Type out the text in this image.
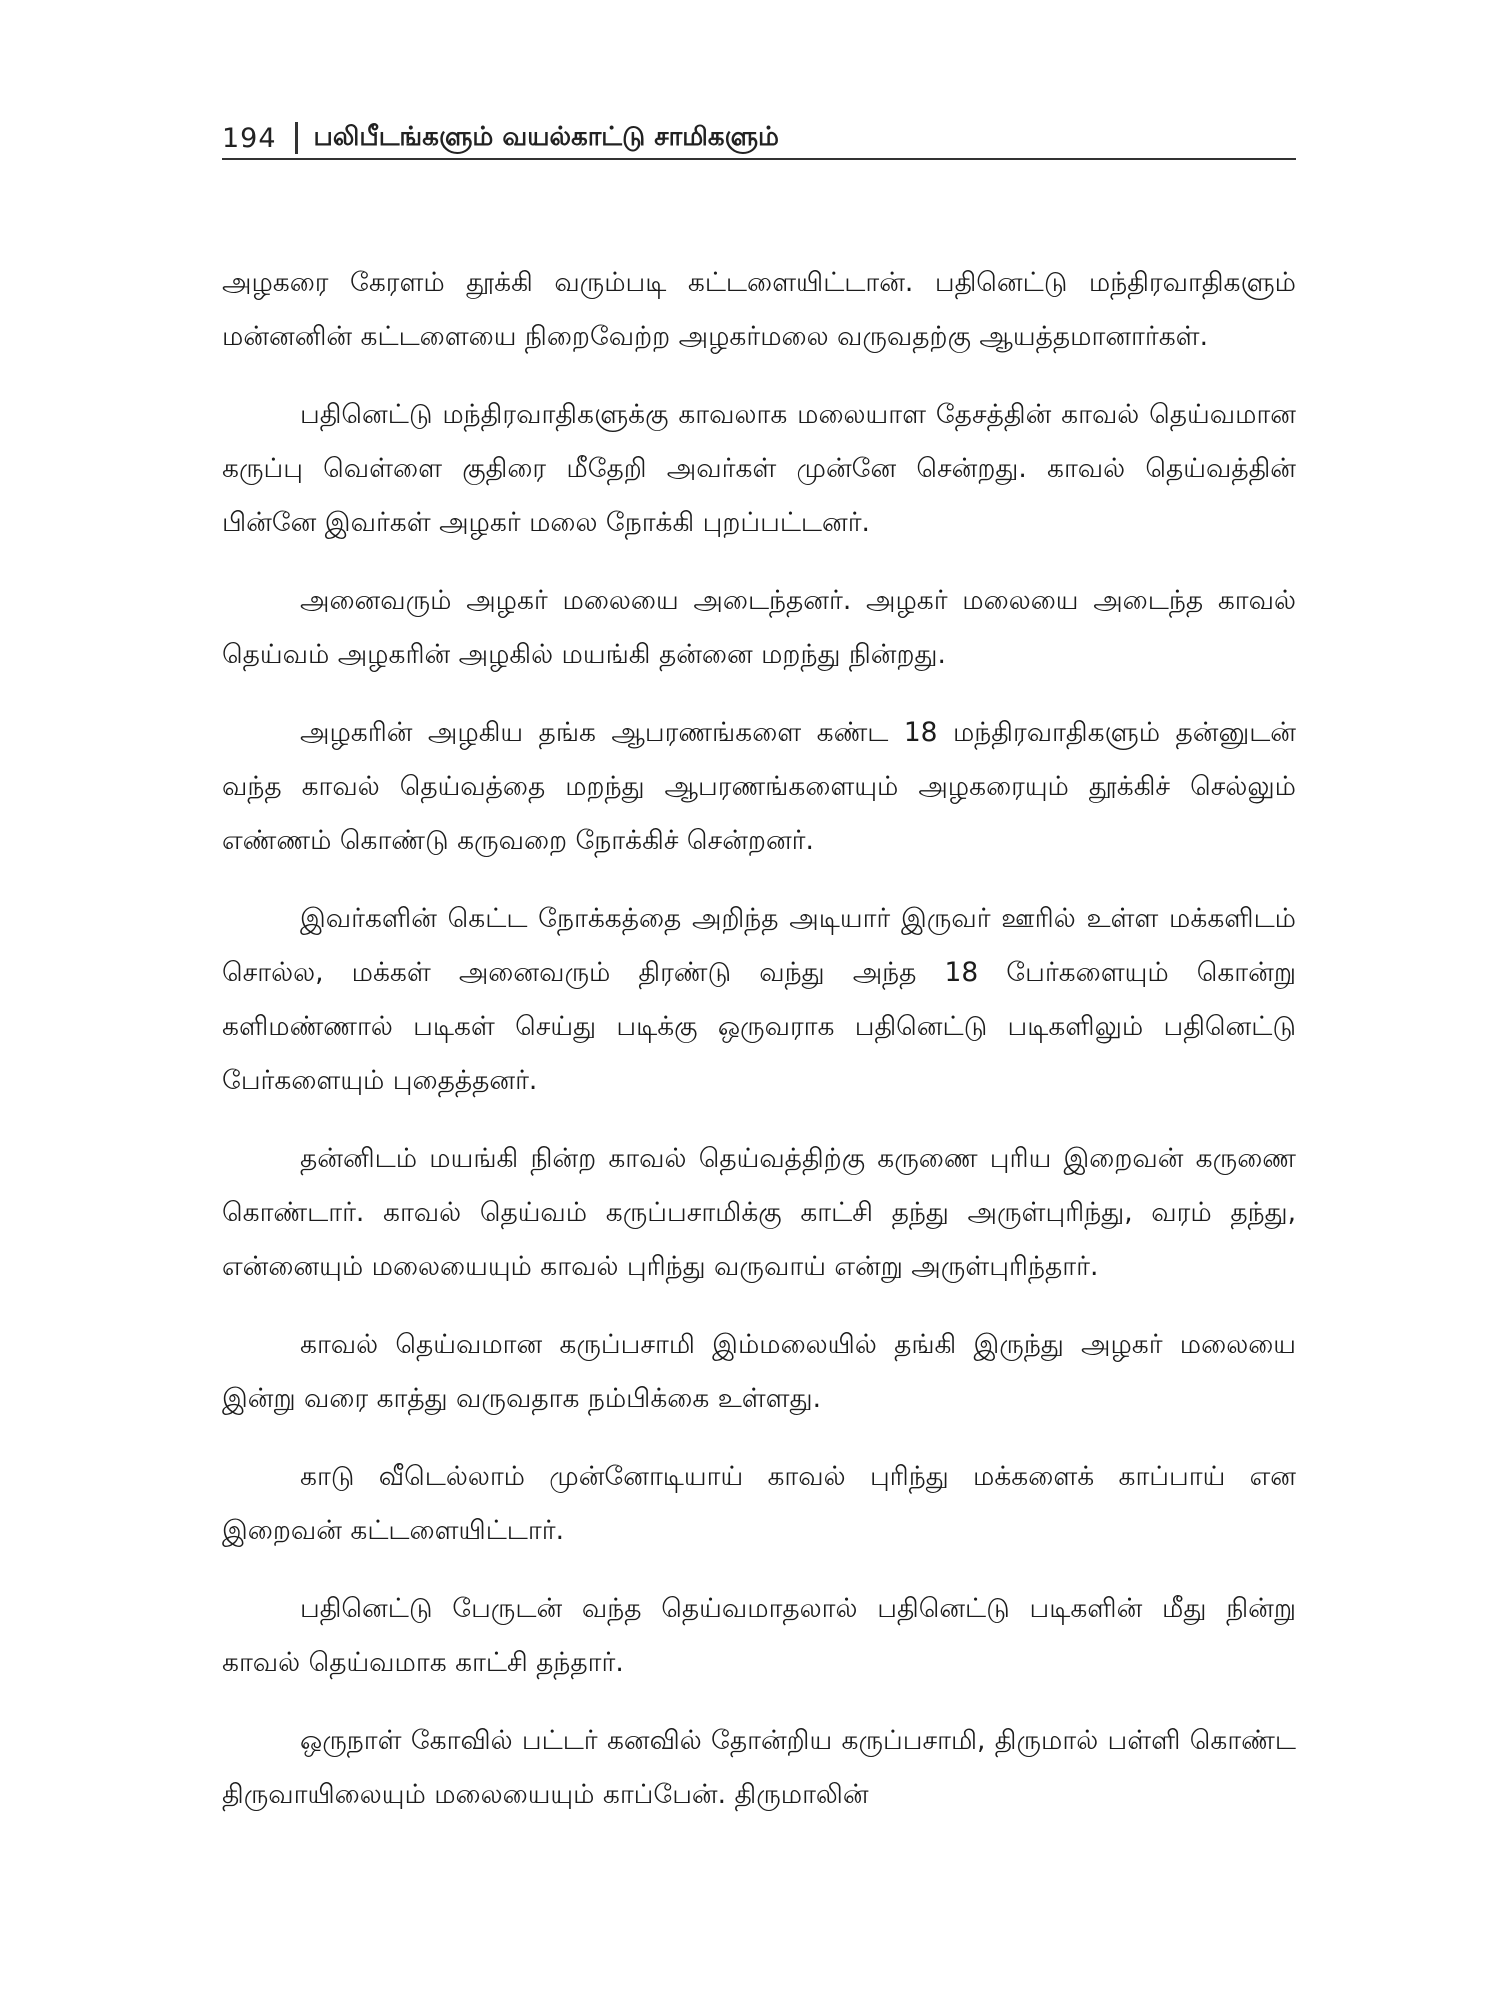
194 பலிபீடங்களும் வயல்காட்டு சாமிகளும்

அழகரை கேரளம் தூக்கி வரும்படி கட்டளையிட்டான். பதினெட்டு மந்திரவாதிகளும் மன்னனின் கட்டளையை நிறைவேற்ற அழகர்மலை வருவதற்கு ஆயத்தமானார்கள்.

பதினெட்டு மந்திரவாதிகளுக்கு காவலாக மலையாள தேசத்தின் காவல் தெய்வமான கருப்பு வெள்ளை குதிரை மீதேறி அவர்கள் முன்னே சென்றது. காவல் தெய்வத்தின் பின்னே இவர்கள் அழகர் மலை நோக்கி புறப்பட்டனர்.

அனைவரும் அழகர் மலையை அடைந்தனர். அழகர் மலையை அடைந்த காவல் தெய்வம் அழகரின் அழகில் மயங்கி தன்னை மறந்து நின்றது.

அழகரின் அழகிய தங்க ஆபரணங்களை கண்ட 18 மந்திரவாதிகளும் தன்னுடன் வந்த காவல் தெய்வத்தை மறந்து ஆபரணங்களையும் அழகரையும் தூக்கிச் செல்லும் எண்ணம் கொண்டு கருவறை நோக்கிச் சென்றனர்.

இவர்களின் கெட்ட நோக்கத்தை அறிந்த அடியார் இருவர் ஊரில் உள்ள மக்களிடம் சொல்ல, மக்கள் அனைவரும் திரண்டு வந்து அந்த 18 பேர்களையும் கொன்று களிமண்ணால் படிகள் செய்து படிக்கு ஒருவராக பதினெட்டு படிகளிலும் பதினெட்டு பேர்களையும் புதைத்தனர்.

தன்னிடம் மயங்கி நின்ற காவல் தெய்வத்திற்கு கருணை புரிய இறைவன் கருணை கொண்டார். காவல் தெய்வம் கருப்பசாமிக்கு காட்சி தந்து அருள்புரிந்து, வரம் தந்து, என்னையும் மலையையும் காவல் புரிந்து வருவாய் என்று அருள்புரிந்தார்.

காவல் தெய்வமான கருப்பசாமி இம்மலையில் தங்கி இருந்து அழகர் மலையை இன்று வரை காத்து வருவதாக நம்பிக்கை உள்ளது.

காடு வீடெல்லாம் முன்னோடியாய் காவல் புரிந்து மக்களைக் காப்பாய் என இறைவன் கட்டளையிட்டார்.

பதினெட்டு பேருடன் வந்த தெய்வமாதலால் பதினெட்டு படிகளின் மீது நின்று காவல் தெய்வமாக காட்சி தந்தார்.

ஒருநாள் கோவில் பட்டர் கனவில் தோன்றிய கருப்பசாமி, திருமால் பள்ளி கொண்ட திருவாயிலையும் மலையையும் காப்பேன். திருமாலின்
